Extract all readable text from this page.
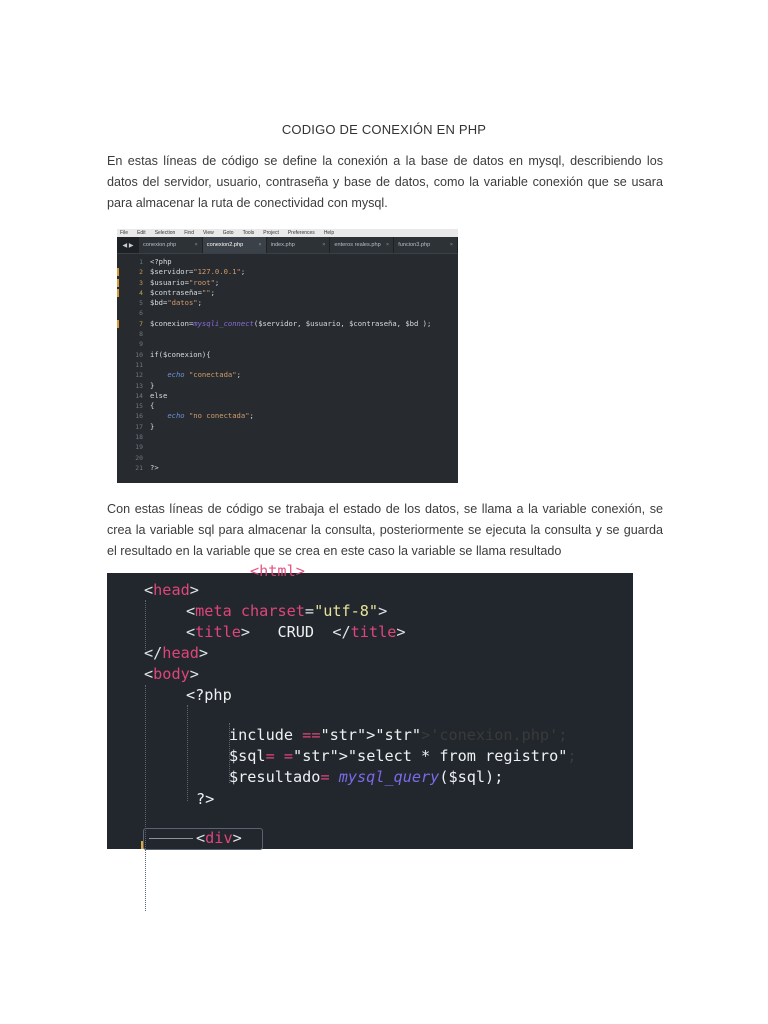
CODIGO DE CONEXIÓN EN PHP

En estas líneas de código se define la conexión a la base de datos en mysql, describiendo los datos del servidor, usuario, contraseña y base de datos, como la variable conexión que se usara para almacenar la ruta de conectividad con mysql.

File Edit Selection Find View Goto Tools Project Preferences Help
◀ ▶	conexion.php	× conexion2.php	× index.php	× enteros reales.php × funcion3.php	×
1 <?php
2 $servidor="127.0.0.1";
3 $usuario="root";
4 $contraseña="";
5 $bd="datos";
6
7 $conexion=mysqli_connect($servidor, $usuario, $contraseña, $bd );
8
9
10 if($conexion){
11
12	echo "conectada";
13 }
14 else
15 {
16	echo "no conectada";
17 }
18
19
20
21 ?>

Con estas líneas de código se trabaja el estado de los datos, se llama a la variable conexión, se crea la variable sql para almacenar la consulta, posteriormente se ejecuta la consulta y se guarda el resultado en la variable que se crea en este caso la variable se llama resultado

<html>
<head>
<meta charset="utf-8">
<title> CRUD </title>
</head>
<body>
<?php
include =="str">"str">'conexion.php';
$sql= ="str">"select * from registro";
$resultado= mysql_query($sql);
?>
<div>
